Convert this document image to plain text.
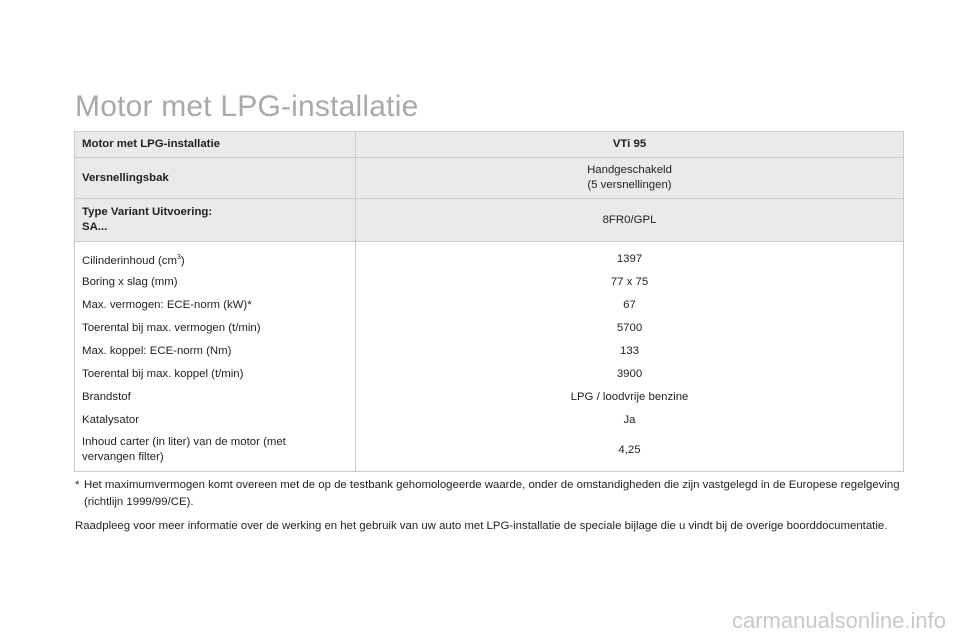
Motor met LPG-installatie
Motor met LPG-installatie	VTi 95
Versnellingsbak	Handgeschakeld
(5 versnellingen)

Type Variant Uitvoering:
SA...	8FR0/GPL
Cilinderinhoud $(cm^3)$	1397
Boring x slag (mm)	77 x 75
Max. vermogen: ECE-norm (kW)*	67
Toerental bij max. vermogen (t/min)	5700
Max. koppel: ECE-norm (Nm)	133
Toerental bij max. koppel (t/min)	3900
Brandstof	LPG / loodvrije benzine
Katalysator	Ja

Inhoud carter (in liter) van de motor (met
vervangen filter)	4,25
* Het maximumvermogen komt overeen met de op de testbank gehomologeerde waarde, onder de omstandigheden die zijn vastgelegd in de Europese regelgeving (richtlijn 1999/99/CE).
Raadpleeg voor meer informatie over de werking en het gebruik van uw auto met LPG-installatie de speciale bijlage die u vindt bij de overige boorddocumentatie.
carmanualsonline.info
